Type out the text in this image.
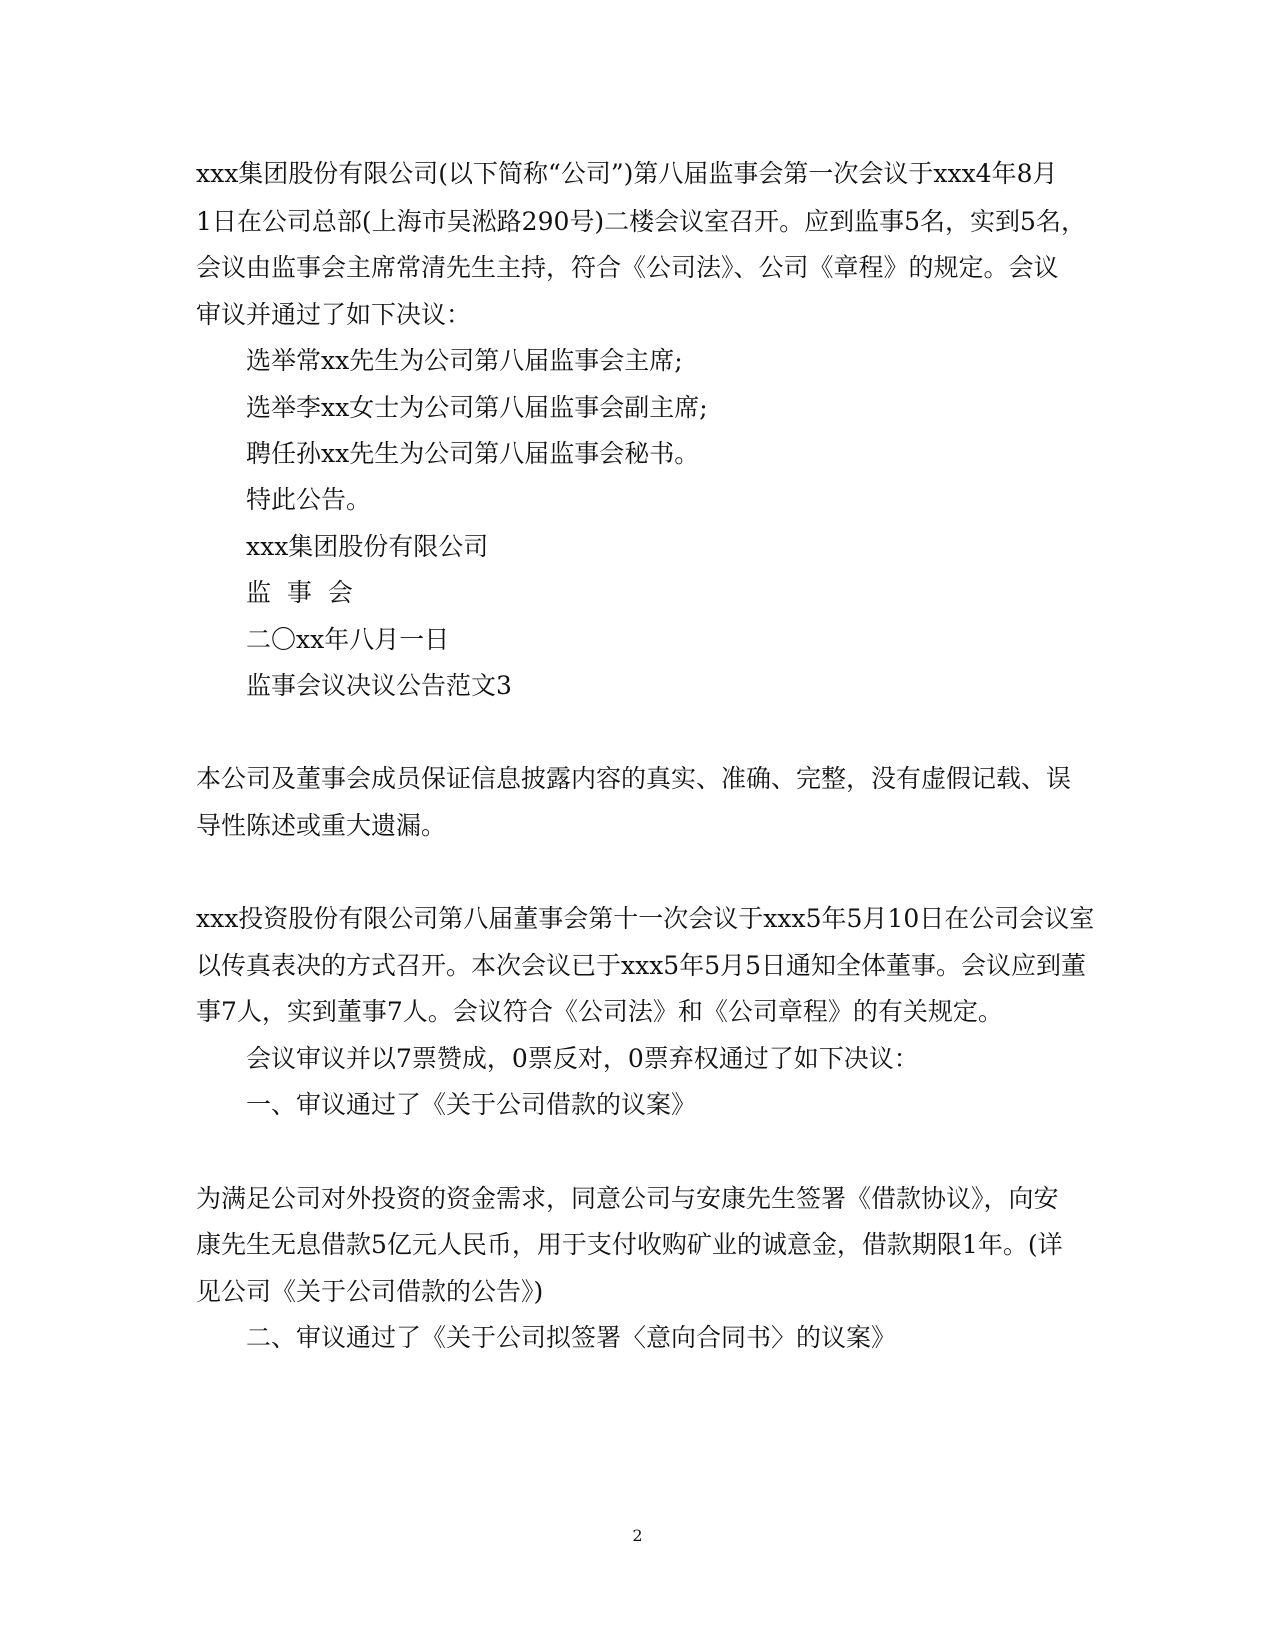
xxx集团股份有限公司(以下简称“公司”)第八届监事会第一次会议于xxx4年8月
1日在公司总部(上海市吴淞路290号)二楼会议室召开。应到监事5名，实到5名，
会议由监事会主席常清先生主持，符合《公司法》、公司《章程》的规定。会议
审议并通过了如下决议：
选举常xx先生为公司第八届监事会主席;
选举李xx女士为公司第八届监事会副主席;
聘任孙xx先生为公司第八届监事会秘书。
特此公告。
xxx集团股份有限公司
监  事  会
二〇xx年八月一日
监事会议决议公告范文3
本公司及董事会成员保证信息披露内容的真实、准确、完整，没有虚假记载、误
导性陈述或重大遗漏。
xxx投资股份有限公司第八届董事会第十一次会议于xxx5年5月10日在公司会议室
以传真表决的方式召开。本次会议已于xxx5年5月5日通知全体董事。会议应到董
事7人，实到董事7人。会议符合《公司法》和《公司章程》的有关规定。
会议审议并以7票赞成，0票反对，0票弃权通过了如下决议：
一、审议通过了《关于公司借款的议案》
为满足公司对外投资的资金需求，同意公司与安康先生签署《借款协议》，向安
康先生无息借款5亿元人民币，用于支付收购矿业的诚意金，借款期限1年。(详
见公司《关于公司借款的公告》)
二、审议通过了《关于公司拟签署〈意向合同书〉的议案》
2
